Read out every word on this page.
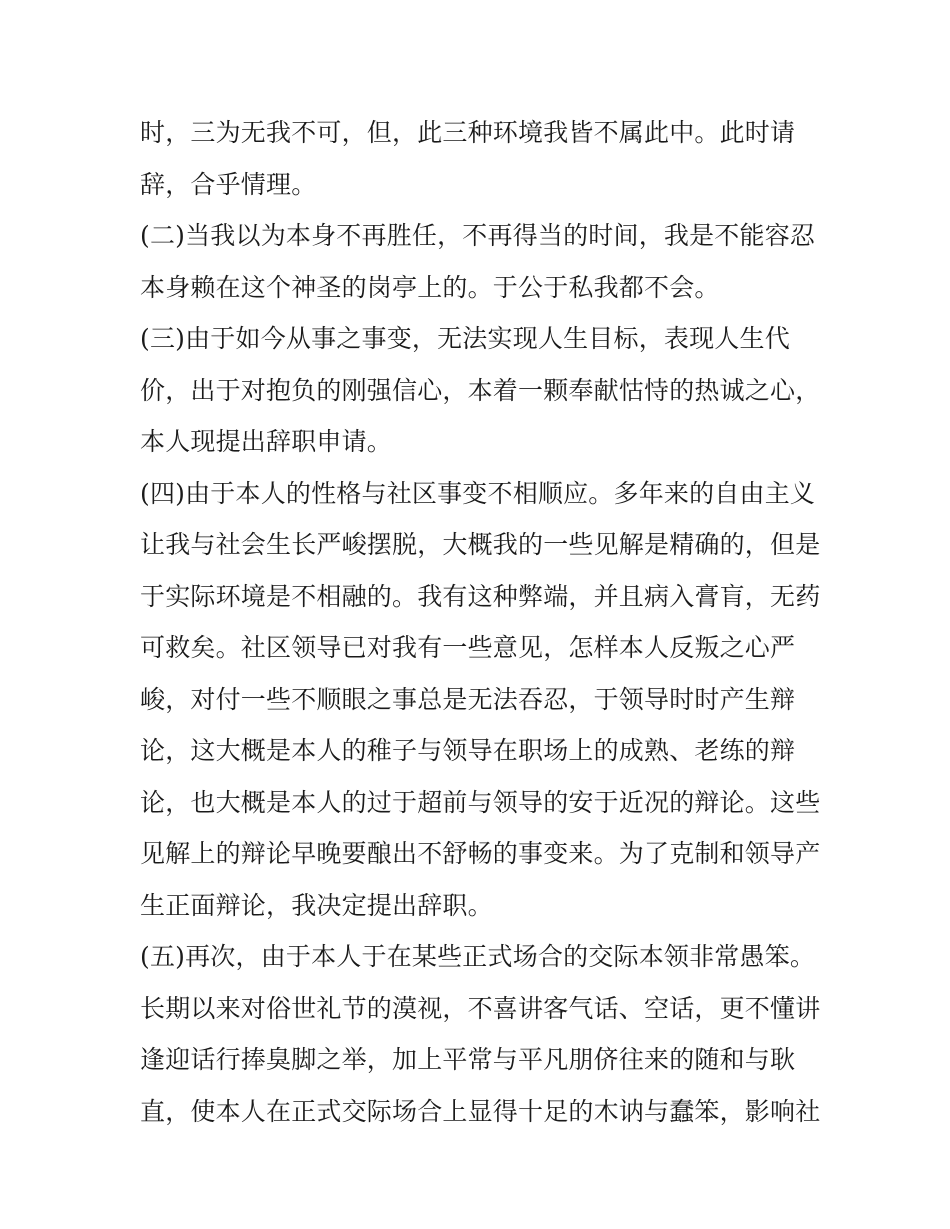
时，三为无我不可，但，此三种环境我皆不属此中。此时请
辞，合乎情理。
(二)当我以为本身不再胜任，不再得当的时间，我是不能容忍
本身赖在这个神圣的岗亭上的。于公于私我都不会。
(三)由于如今从事之事变，无法实现人生目标，表现人生代
价，出于对抱负的刚强信心，本着一颗奉献怙恃的热诚之心，
本人现提出辞职申请。
(四)由于本人的性格与社区事变不相顺应。多年来的自由主义
让我与社会生长严峻摆脱，大概我的一些见解是精确的，但是
于实际环境是不相融的。我有这种弊端，并且病入膏肓，无药
可救矣。社区领导已对我有一些意见，怎样本人反叛之心严
峻，对付一些不顺眼之事总是无法吞忍，于领导时时产生辩
论，这大概是本人的稚子与领导在职场上的成熟、老练的辩
论，也大概是本人的过于超前与领导的安于近况的辩论。这些
见解上的辩论早晚要酿出不舒畅的事变来。为了克制和领导产
生正面辩论，我决定提出辞职。
(五)再次，由于本人于在某些正式场合的交际本领非常愚笨。
长期以来对俗世礼节的漠视，不喜讲客气话、空话，更不懂讲
逢迎话行捧臭脚之举，加上平常与平凡朋侪往来的随和与耿
直，使本人在正式交际场合上显得十足的木讷与蠢笨，影响社
